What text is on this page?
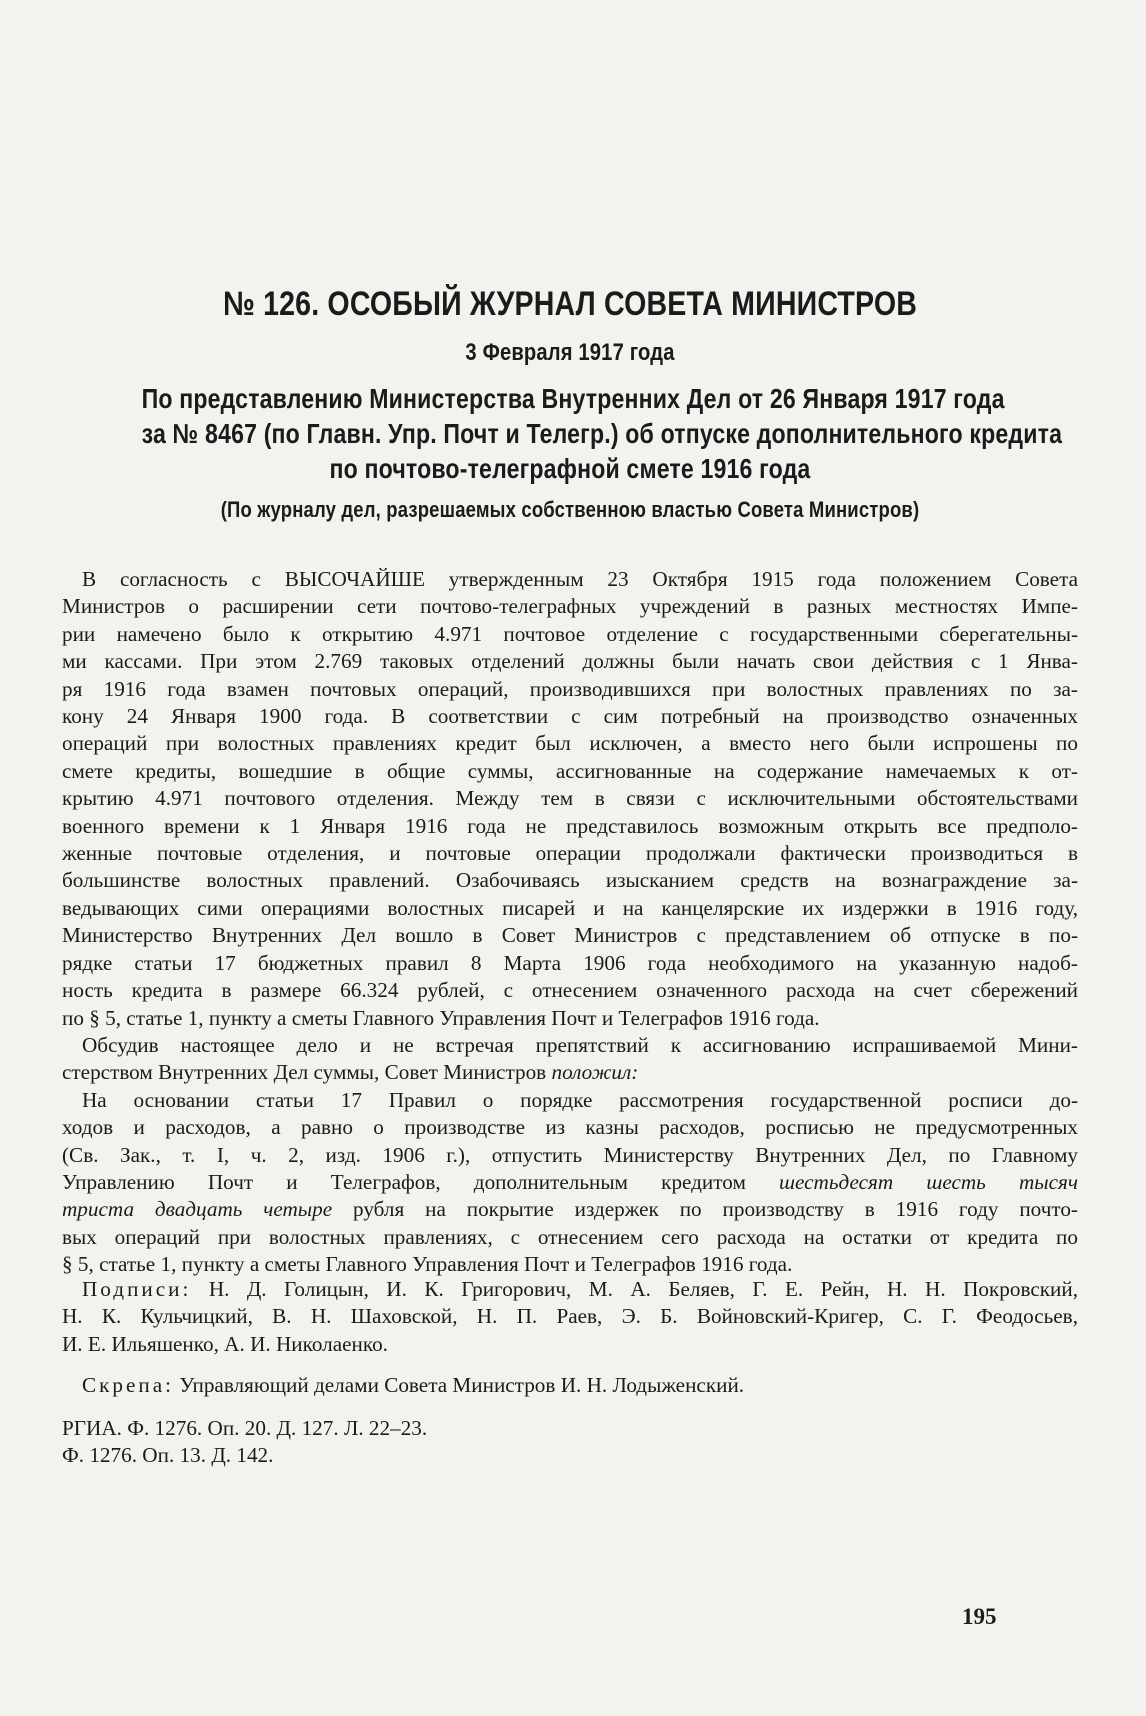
№ 126. ОСОБЫЙ ЖУРНАЛ СОВЕТА МИНИСТРОВ
3 Февраля 1917 года
По представлению Министерства Внутренних Дел от 26 Января 1917 года
за № 8467 (по Главн. Упр. Почт и Телегр.) об отпуске дополнительного кредита
по почтово-телеграфной смете 1916 года
(По журналу дел, разрешаемых собственною властью Совета Министров)
В согласность с ВЫСОЧАЙШЕ утвержденным 23 Октября 1915 года положением Совета
Министров о расширении сети почтово-телеграфных учреждений в разных местностях Импе-
рии намечено было к открытию 4.971 почтовое отделение с государственными сберегательны-
ми кассами. При этом 2.769 таковых отделений должны были начать свои действия с 1 Янва-
ря 1916 года взамен почтовых операций, производившихся при волостных правлениях по за-
кону 24 Января 1900 года. В соответствии с сим потребный на производство означенных
операций при волостных правлениях кредит был исключен, а вместо него были испрошены по
смете кредиты, вошедшие в общие суммы, ассигнованные на содержание намечаемых к от-
крытию 4.971 почтового отделения. Между тем в связи с исключительными обстоятельствами
военного времени к 1 Января 1916 года не представилось возможным открыть все предполо-
женные почтовые отделения, и почтовые операции продолжали фактически производиться в
большинстве волостных правлений. Озабочиваясь изысканием средств на вознаграждение за-
ведывающих сими операциями волостных писарей и на канцелярские их издержки в 1916 году,
Министерство Внутренних Дел вошло в Совет Министров с представлением об отпуске в по-
рядке статьи 17 бюджетных правил 8 Марта 1906 года необходимого на указанную надоб-
ность кредита в размере 66.324 рублей, с отнесением означенного расхода на счет сбережений
по § 5, статье 1, пункту а сметы Главного Управления Почт и Телеграфов 1916 года.
Обсудив настоящее дело и не встречая препятствий к ассигнованию испрашиваемой Мини-
стерством Внутренних Дел суммы, Совет Министров положил:
На основании статьи 17 Правил о порядке рассмотрения государственной росписи до-
ходов и расходов, а равно о производстве из казны расходов, росписью не предусмотренных
(Св. Зак., т. I, ч. 2, изд. 1906 г.), отпустить Министерству Внутренних Дел, по Главному
Управлению Почт и Телеграфов, дополнительным кредитом шестьдесят шесть тысяч
триста двадцать четыре рубля на покрытие издержек по производству в 1916 году почто-
вых операций при волостных правлениях, с отнесением сего расхода на остатки от кредита по
§ 5, статье 1, пункту а сметы Главного Управления Почт и Телеграфов 1916 года.
Подписи: Н. Д. Голицын, И. К. Григорович, М. А. Беляев, Г. Е. Рейн, Н. Н. Покровский,
Н. К. Кульчицкий, В. Н. Шаховской, Н. П. Раев, Э. Б. Войновский-Кригер, С. Г. Феодосьев,
И. Е. Ильяшенко, А. И. Николаенко.
Скрепа: Управляющий делами Совета Министров И. Н. Лодыженский.
РГИА. Ф. 1276. Оп. 20. Д. 127. Л. 22–23.
Ф. 1276. Оп. 13. Д. 142.
195
